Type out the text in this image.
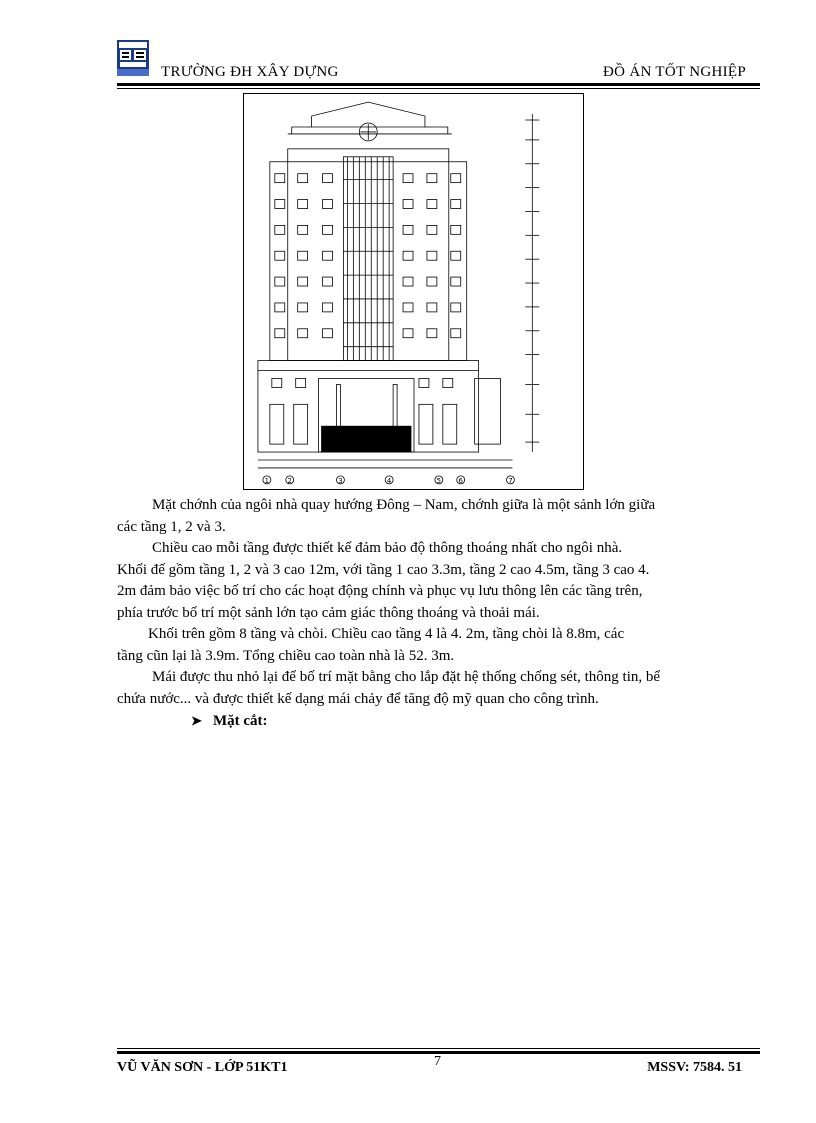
TRƯỜNG ĐH XÂY DỰNG	ĐỒ ÁN TỐT NGHIỆP
1	2	3	4	5 6	7
Mặt chớnh của ngôi nhà quay hướng Đông – Nam, chớnh giữa là một sảnh lớn giữa
các tầng 1, 2 và 3.
Chiều cao mỗi tầng được thiết kế đảm bảo độ thông thoáng nhất cho ngôi nhà.
Khối đế gồm tầng 1, 2 và 3 cao 12m, với tầng 1 cao 3.3m, tầng 2 cao 4.5m, tầng 3 cao 4.
2m đảm bảo việc bố trí cho các hoạt động chính và phục vụ lưu thông lên các tầng trên,
phía trước bố trí một sảnh lớn tạo cảm giác thông thoáng và thoải mái.
Khối trên gồm 8 tầng và chòi. Chiều cao tầng 4 là 4. 2m, tầng chòi là 8.8m, các
tầng cũn lại là 3.9m. Tổng chiều cao toàn nhà là 52. 3m.
Mái được thu nhỏ lại để bố trí mặt bằng cho lắp đặt hệ thống chống sét, thông tin, bể
chứa nước... và được thiết kế dạng mái chảy để tăng độ mỹ quan cho công trình.
➤ Mặt cắt:
VŨ VĂN SƠN - LỚP 51KT1	7	MSSV: 7584. 51
